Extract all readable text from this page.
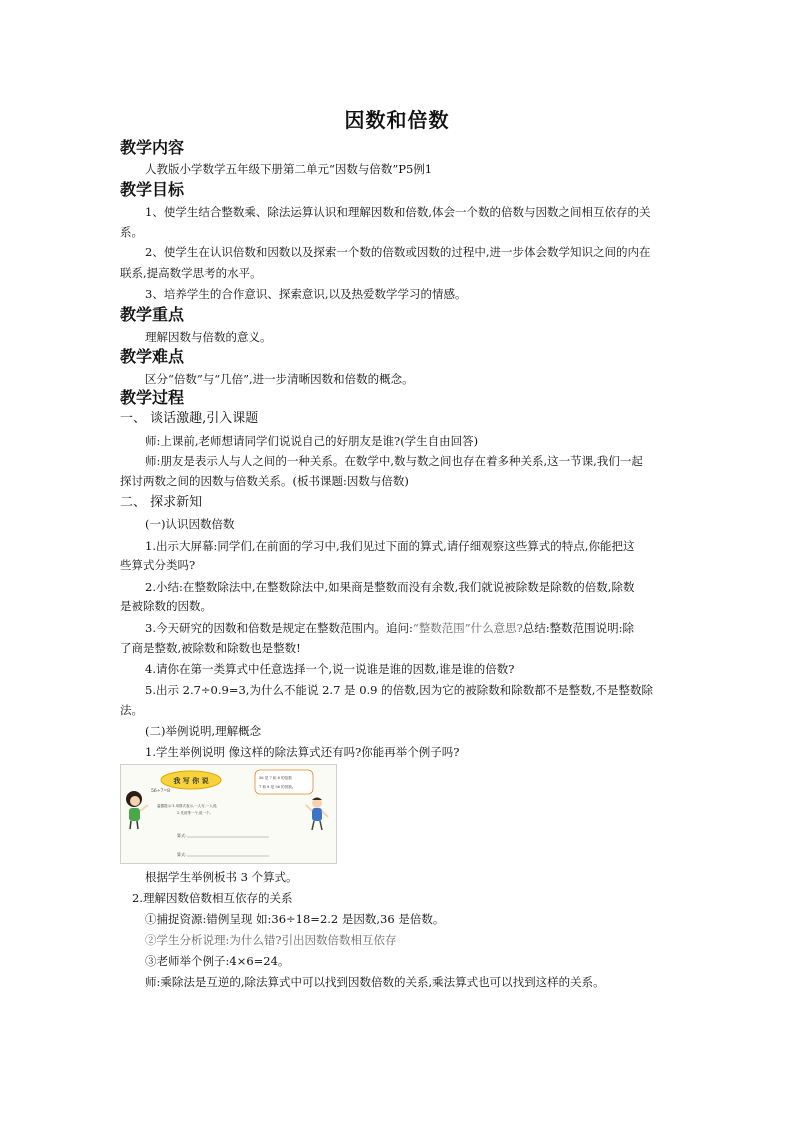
因数和倍数
教学内容
人教版小学数学五年级下册第二单元“因数与倍数”P5例1
教学目标
1、使学生结合整数乘、除法运算认识和理解因数和倍数,体会一个数的倍数与因数之间相互依存的关
系。
2、使学生在认识倍数和因数以及探索一个数的倍数或因数的过程中,进一步体会数学知识之间的内在
联系,提高数学思考的水平。
3、培养学生的合作意识、探索意识,以及热爱数学学习的情感。
教学重点
理解因数与倍数的意义。
教学难点
区分“倍数”与“几倍”,进一步清晰因数和倍数的概念。
教学过程
一、 谈话激趣,引入课题
师:上课前,老师想请同学们说说自己的好朋友是谁?(学生自由回答)
师:朋友是表示人与人之间的一种关系。在数学中,数与数之间也存在着多种关系,这一节课,我们一起
探讨两数之间的因数与倍数关系。(板书课题:因数与倍数)
二、 探求新知
(一)认识因数倍数
1.出示大屏幕:同学们,在前面的学习中,我们见过下面的算式,请仔细观察这些算式的特点,你能把这
些算式分类吗?
2.小结:在整数除法中,在整数除法中,如果商是整数而没有余数,我们就说被除数是除数的倍数,除数
是被除数的因数。
3.今天研究的因数和倍数是规定在整数范围内。追问:“整数范围”什么意思?总结:整数范围说明:除
了商是整数,被除数和除数也是整数!
4.请你在第一类算式中任意选择一个,说一说谁是谁的因数,谁是谁的倍数?
5.出示 2.7÷0.9=3,为什么不能说 2.7 是 0.9 的倍数,因为它的被除数和除数都不是整数,不是整数除
法。
(二)举例说明,理解概念
1.学生举例说明 像这样的除法算式还有吗?你能再举个例子吗?
56÷7=8
我 写 你 说
温馨提示:1.用算式表示,一人写,一人说;
2.先说等一个,说一个。
56 是 7 和 8 的倍数
7 和 8 是 56 的因数。
算式:
算式:
根据学生举例板书 3 个算式。
2.理解因数倍数相互依存的关系
①捕捉资源:错例呈现 如:36÷18=2.2 是因数,36 是倍数。
②学生分析说理:为什么错?引出因数倍数相互依存
③老师举个例子:4×6=24。
师:乘除法是互逆的,除法算式中可以找到因数倍数的关系,乘法算式也可以找到这样的关系。
